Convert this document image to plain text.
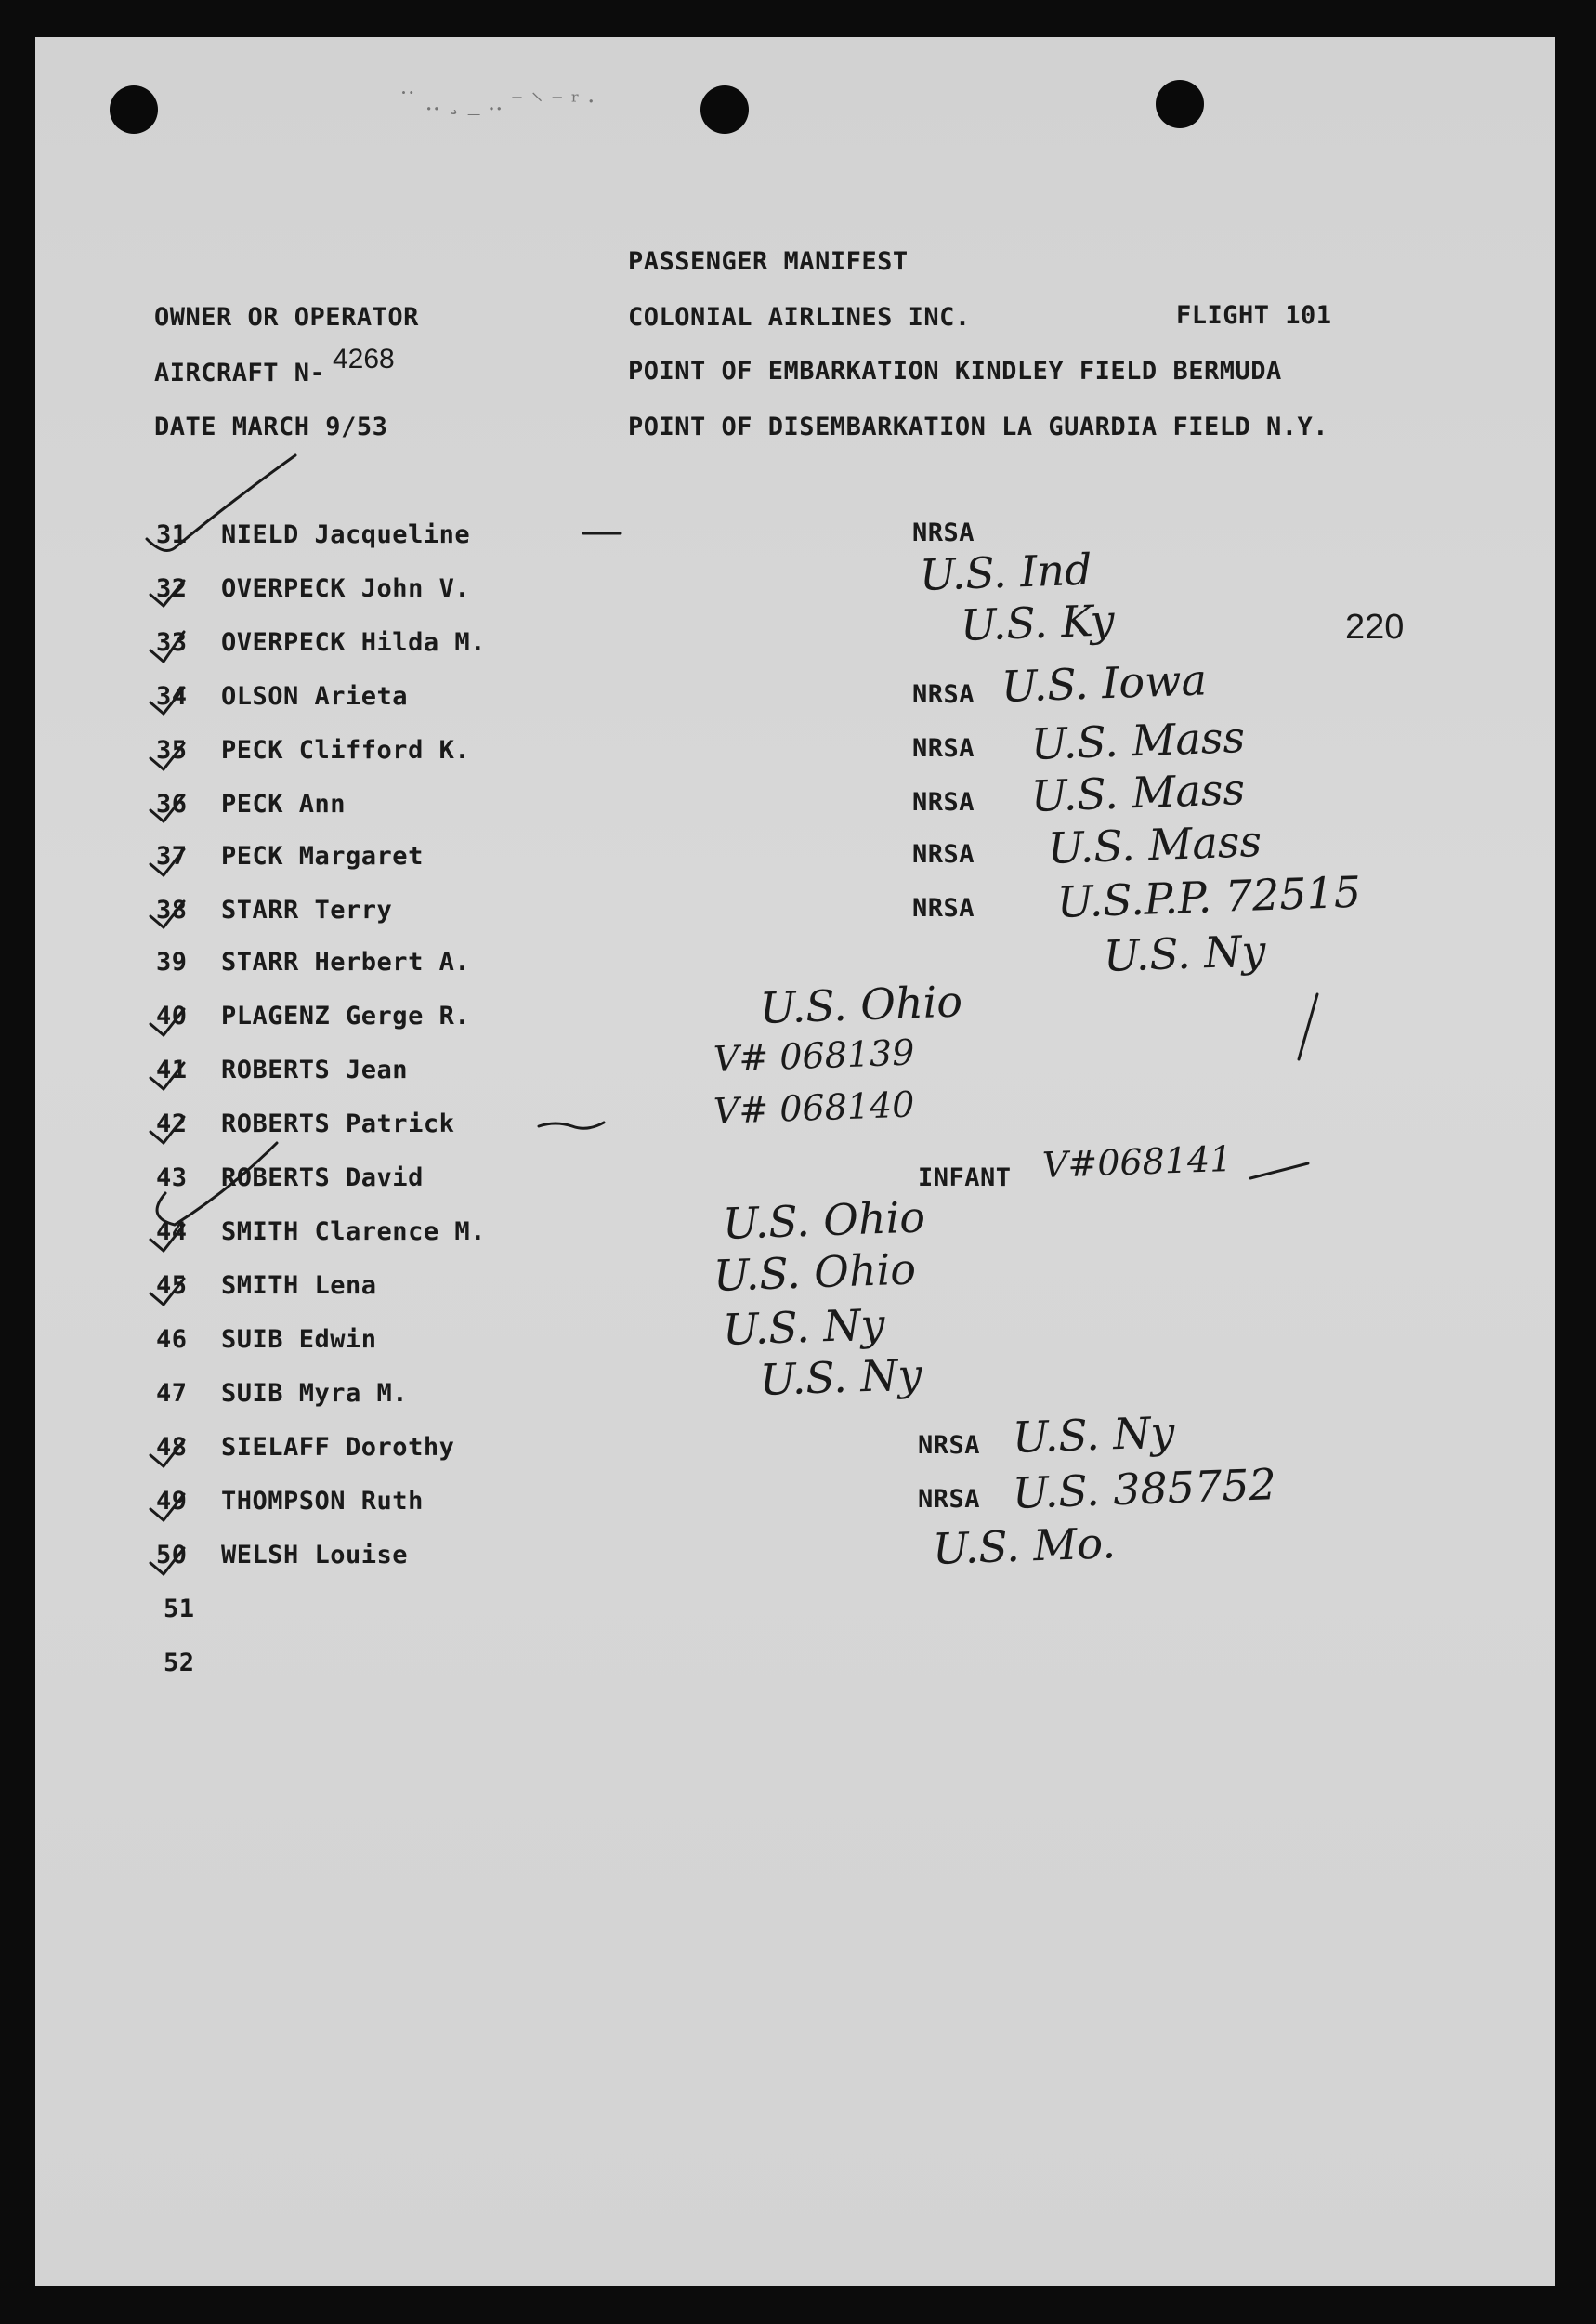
˙ ̇ .. ¸ _ .. ⁻ ⸌ ⁻ ʳ ·
PASSENGER MANIFEST
OWNER OR OPERATOR	COLONIAL AIRLINES INC.	FLIGHT 101
AIRCRAFT N- 4268	POINT OF EMBARKATION KINDLEY FIELD BERMUDA
DATE MARCH 9/53	POINT OF DISEMBARKATION LA GUARDIA FIELD N.Y.
220
31 NIELD Jacqueline	NRSA
32 OVERPECK John V.	U.S. Ind
33 OVERPECK Hilda M.	U.S. Ky
34 OLSON Arieta	NRSA U.S. Iowa
35 PECK Clifford K.	NRSA U.S. Mass
36 PECK Ann	NRSA U.S. Mass
37 PECK Margaret	NRSA U.S. Mass
38 STARR Terry	NRSA U.S.P.P. 72515
39 STARR Herbert A.	U.S. Ny
40 PLAGENZ Gerge R.	U.S. Ohio
41 ROBERTS Jean	V# 068139
42 ROBERTS Patrick	V# 068140
43 ROBERTS David	INFANT V#068141
44 SMITH Clarence M.	U.S. Ohio
45 SMITH Lena	U.S. Ohio
46 SUIB Edwin	U.S. Ny
47 SUIB Myra M.	U.S. Ny
48 SIELAFF Dorothy	NRSA U.S. Ny
49 THOMPSON Ruth	NRSA U.S. 385752
50 WELSH Louise	U.S. Mo.
51
52
